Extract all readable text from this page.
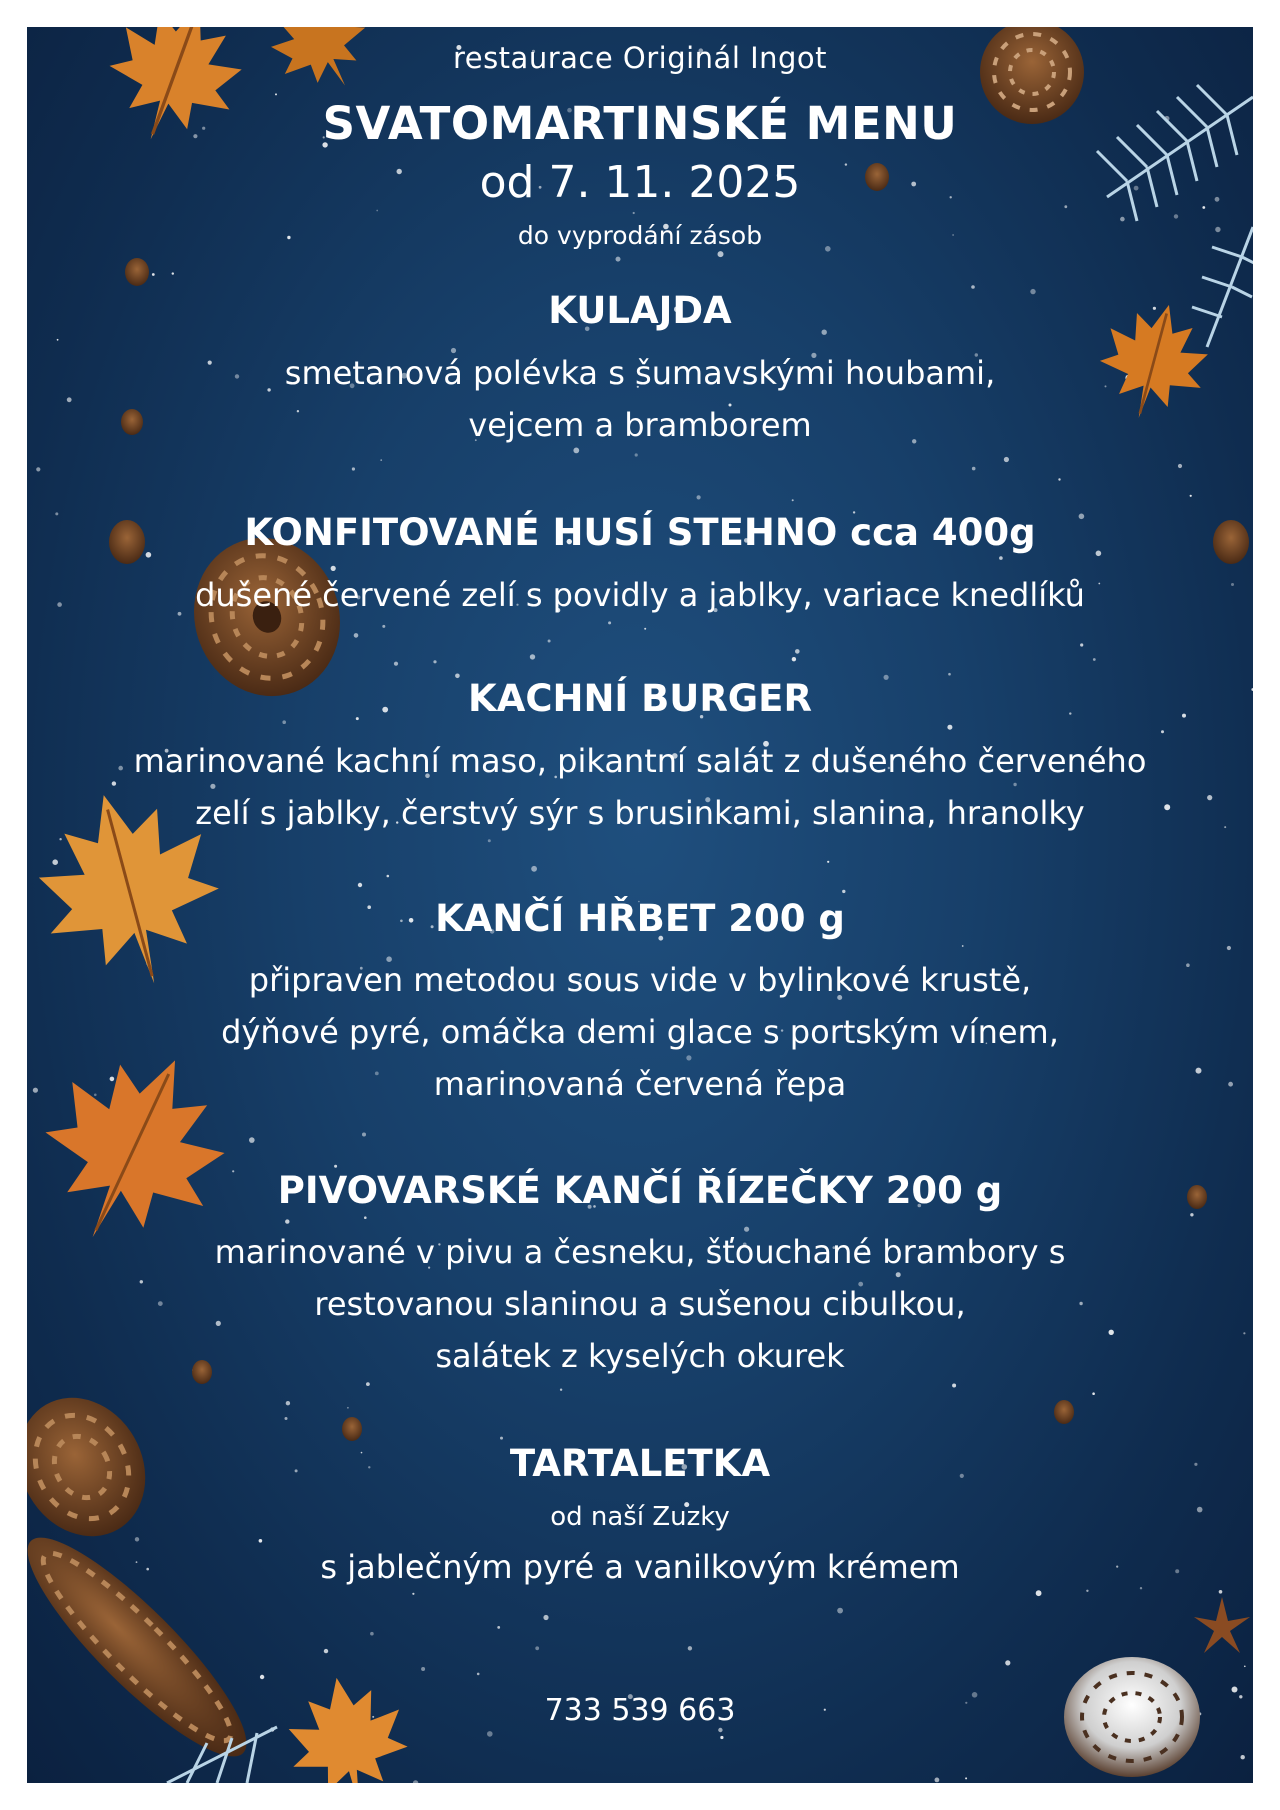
restaurace Originál Ingot

SVATOMARTINSKÉ MENU

od 7. 11. 2025

do vyprodání zásob

KULAJDA
smetanová polévka s šumavskými houbami,
vejcem a bramborem
KONFITOVANÉ HUSÍ STEHNO cca 400g
dušené červené zelí s povidly a jablky, variace knedlíků
KACHNÍ BURGER
marinované kachní maso, pikantní salát z dušeného červeného
zelí s jablky, čerstvý sýr s brusinkami, slanina, hranolky
KANČÍ HŘBET 200 g
připraven metodou sous vide v bylinkové krustě,
dýňové pyré, omáčka demi glace s portským vínem,
marinovaná červená řepa
PIVOVARSKÉ KANČÍ ŘÍZEČKY 200 g
marinované v pivu a česneku, šťouchané brambory s
restovanou slaninou a sušenou cibulkou,
salátek z kyselých okurek
TARTALETKA

od naší Zuzky

s jablečným pyré a vanilkovým krémem

733 539 663
